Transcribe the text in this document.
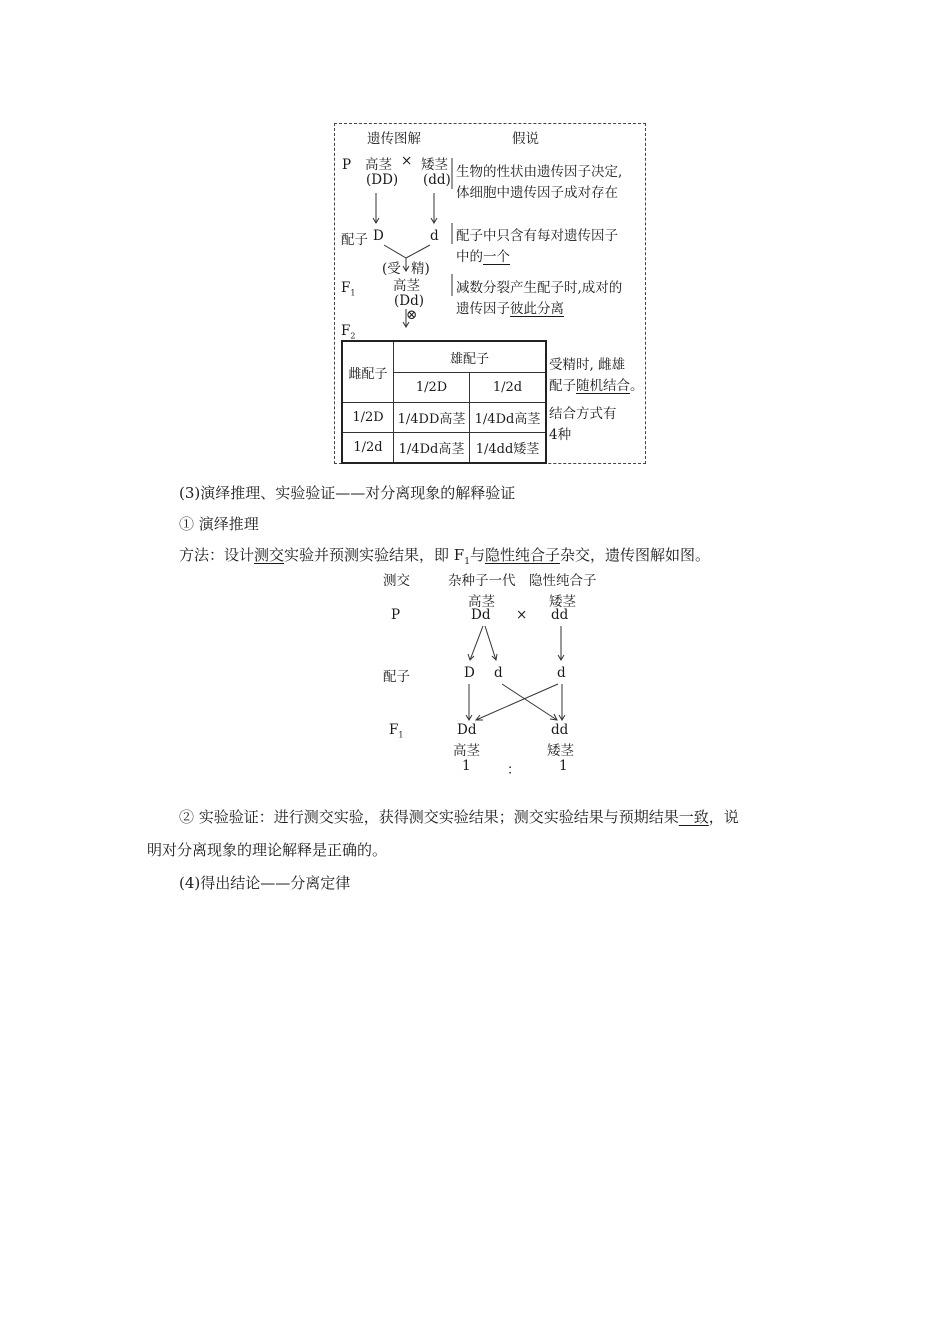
遗传图解	假说
P 高茎
(DD)
× 矮茎
(dd) 生物的性状由遗传因子决定,
体细胞中遗传因子成对存在
配子 D	d 配子中只含有每对遗传因子
中的一个
(受 精)
$F_1$	高茎
(Dd)
⊗
减数分裂产生配子时,成对的
遗传因子彼此分离
$F_2$
雌配子	雄配子	
	1/2D	1/2d
1/2D	1/4DD高茎	1/4Dd高茎
1/2d	1/4Dd高茎	1/4dd矮茎
受精时, 雌雄
配子随机结合。
结合方式有
4种
(3)演绎推理、实验验证——对分离现象的解释验证
① 演绎推理
方法：设计测交实验并预测实验结果，即 $F_1$与隐性纯合子杂交，遗传图解如图。
测交	杂种子一代 隐性纯合子
高茎	矮茎
P	Dd × dd
配子	D d	d
$F_1$	Dd	dd
高茎	矮茎
1	：	1
② 实验验证：进行测交实验，获得测交实验结果；测交实验结果与预期结果一致，说
明对分离现象的理论解释是正确的。
(4)得出结论——分离定律
